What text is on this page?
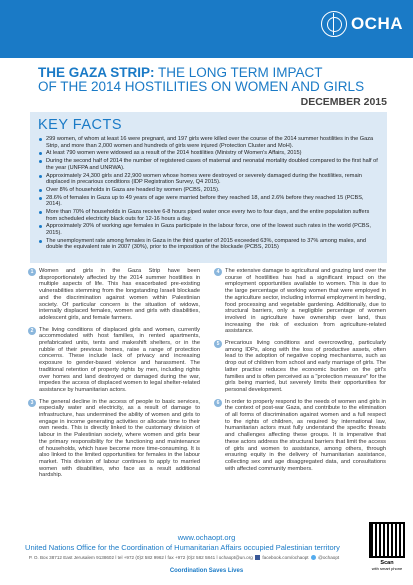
OCHA
THE GAZA STRIP: THE LONG TERM IMPACT
OF THE 2014 HOSTILITIES ON WOMEN AND GIRLS
DECEMBER 2015
KEY FACTS
299 women, of whom at least 16 were pregnant, and 197 girls were killed over the course of the 2014 summer hostilities in the Gaza Strip, and more than 2,000 women and hundreds of girls were injured (Protection Cluster and MoH).
At least 790 women were widowed as a result of the 2014 hostilities (Ministry of Women's Affairs, 2015)
During the second half of 2014 the number of registered cases of maternal and neonatal mortality doubled compared to the first half of the year (UNFPA and UNRWA).
Approximately 24,300 girls and 22,900 women whose homes were destroyed or severely damaged during the hostilities, remain displaced in precarious conditions (IDP Registration Survey, Q4 2015).
Over 8% of households in Gaza are headed by women (PCBS, 2015).
28.6% of females in Gaza up to 49 years of age were married before they reached 18, and 2.6% before they reached 15 (PCBS, 2014).
More than 70% of households in Gaza receive 6-8 hours piped water once every two to four days, and the entire population suffers from scheduled electricity black outs for 12-16 hours a day.
Approximately 20% of working age females in Gaza participate in the labour force, one of the lowest such rates in the world (PCBS, 2015).
The unemployment rate among females in Gaza in the third quarter of 2015 exceeded 63%, compared to 37% among males, and double the equivalent rate in 2007 (30%), prior to the imposition of the blockade (PCBS, 2015)
1 Women and girls in the Gaza Strip have been disproportionately affected by the 2014 summer hostilities in multiple aspects of life. This has exacerbated pre-existing vulnerabilities stemming from the longstanding Israeli blockade and the discrimination against women within Palestinian society. Of particular concern is the situation of widows, internally displaced females, women and girls with disabilities, adolescent girls, and female farmers.
2 The living conditions of displaced girls and women, currently accommodated with host families, in rented apartments, prefabricated units, tents and makeshift shelters, or in the rubble of their previous homes, raise a range of protection concerns. These include lack of privacy and increasing exposure to gender-based violence and harassment. The traditional retention of property rights by men, including rights over homes and land destroyed or damaged during the war, impedes the access of displaced women to legal shelter-related assistance by humanitarian actors.
3 The general decline in the access of people to basic services, especially water and electricity, as a result of damage to infrastructure, has undermined the ability of women and girls to engage in income generating activities or allocate time to their own needs. This is directly linked to the customary division of labour in the Palestinian society, where women and girls bear the primary responsibility for the functioning and maintenance of households, which have become more time-consuming. It is also linked to the limited opportunities for females in the labour market. This division of labour continues to apply to married women with disabilities, who face as a result additional hardship.
4 The extensive damage to agricultural and grazing land over the course of hostilities has had a significant impact on the employment opportunities available to women. This is due to the large percentage of working women that were employed in the agriculture sector, including informal employment in herding, food processing and vegetable gardening. Additionally, due to structural barriers, only a negligible percentage of women involved in agriculture have ownership over land, thus increasing the risk of exclusion from agriculture-related assistance.
5 Precarious living conditions and overcrowding, particularly among IDPs, along with the loss of productive assets, often lead to the adoption of negative coping mechanisms, such as drop out of children from school and early marriage of girls. The latter practice reduces the economic burden on the girl's families and is often perceived as a "protection measure" for the girls being married, but severely limits their opportunities for personal development.
6 In order to properly respond to the needs of women and girls in the context of post-war Gaza, and contribute to the elimination of all forms of discrimination against women and a full respect to the rights of children, as required by international law, humanitarian actors must fully understand the specific threats and challenges affecting these groups. It is imperative that these actors address the structural barriers that limit the access of girls and women to assistance, among others, through ensuring equity in the delivery of humanitarian assistance, collecting sex and age disaggregated data, and consultations with affected community members.
www.ochaopt.org
United Nations Office for the Coordination of Humanitarian Affairs occupied Palestinian territory
P. O. Box 38712 East Jerusalem 9138602 l tel +972 (0)2 582 9962 l fax +972 (0)2 582 5841 l ochaopt@un.org facebook.com/ochaopt @ochaopt
Coordination Saves Lives
Scan
with smart phone
